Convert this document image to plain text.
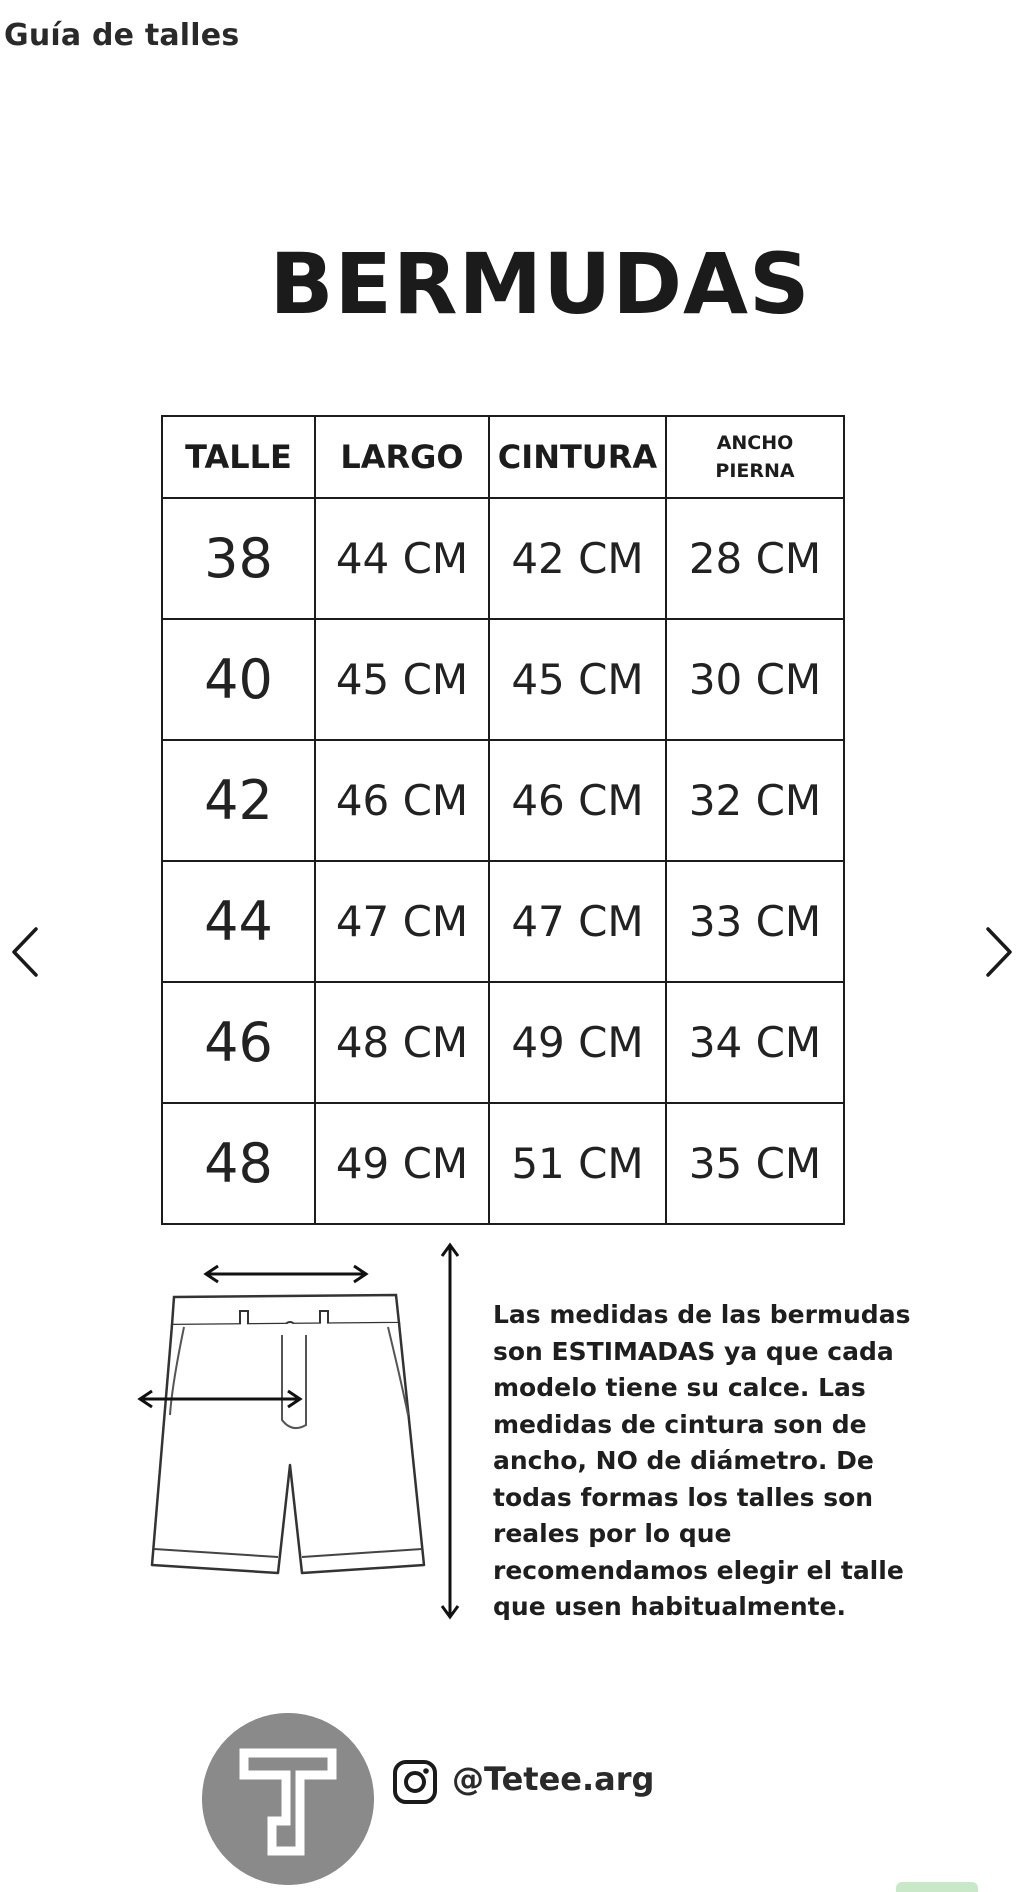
Guía de talles
BERMUDAS
TALLE	LARGO	CINTURA	ANCHO
PIERNA
38	44 CM	42 CM	28 CM
40	45 CM	45 CM	30 CM
42	46 CM	46 CM	32 CM
44	47 CM	47 CM	33 CM
46	48 CM	49 CM	34 CM
48	49 CM	51 CM	35 CM
Las medidas de las bermudas son ESTIMADAS ya que cada modelo tiene su calce. Las medidas de cintura son de ancho, NO de diámetro. De todas formas los talles son reales por lo que recomendamos elegir el talle que usen habitualmente.
@Tetee.arg
